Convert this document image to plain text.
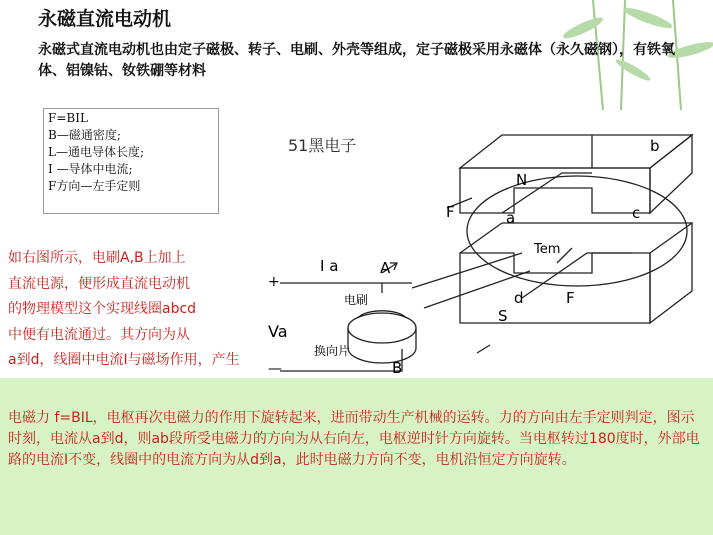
永磁直流电动机
永磁式直流电动机也由定子磁极、转子、电刷、外壳等组成，定子磁极采用永磁体（永久磁钢），有铁氧体、铝镍钴、钕铁硼等材料
F=BIL
B—磁通密度;
L—通电导体长度;
I —导体中电流;
F方向—左手定则	N
S
b
a	c
d
F
F
Tem
I a	A
B
Va
+
—
电刷
换向片
51黑电子
如右图所示，电刷A,B上加上
直流电源，便形成直流电动机
的物理模型这个实现线圈abcd
中便有电流通过。其方向为从
a到d，线圈中电流I与磁场作用，产生
电磁力 f=BIL，电枢再次电磁力的作用下旋转起来，进而带动生产机械的运转。力的方向由左手定则判定，图示时刻，电流从a到d，则ab段所受电磁力的方向为从右向左，电枢逆时针方向旋转。当电枢转过180度时，外部电路的电流I不变，线圈中的电流方向为从d到a，此时电磁力方向不变，电机沿恒定方向旋转。
